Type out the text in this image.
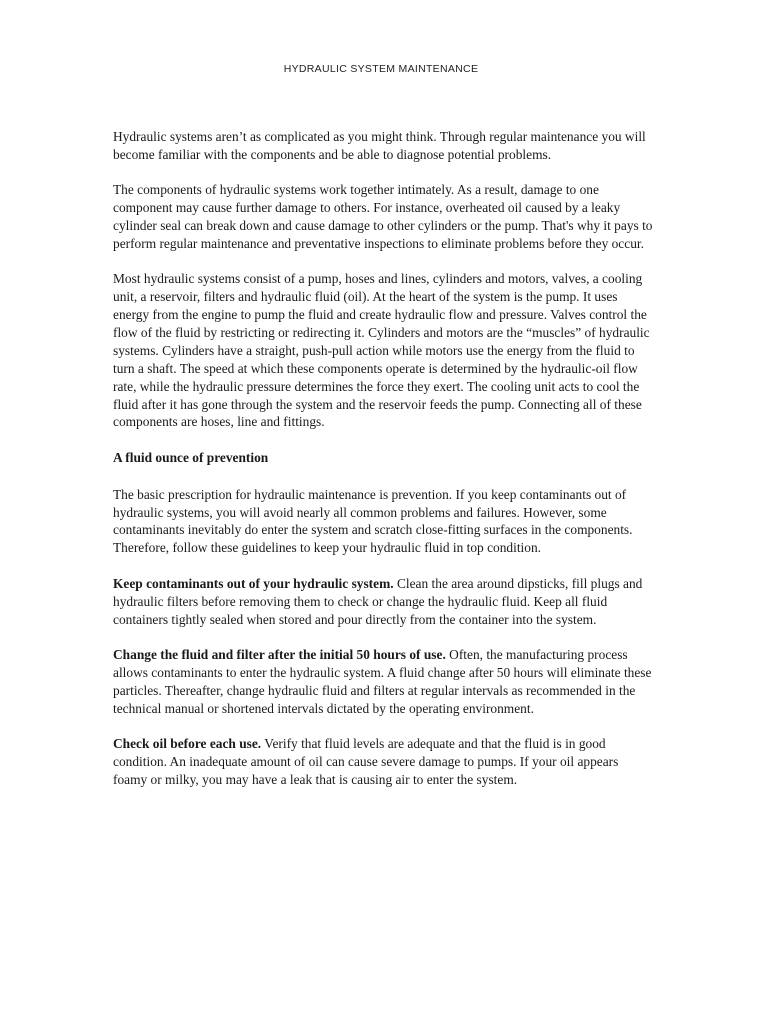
HYDRAULIC SYSTEM MAINTENANCE

Hydraulic systems aren’t as complicated as you might think. Through regular maintenance you will become familiar with the components and be able to diagnose potential problems.

The components of hydraulic systems work together intimately. As a result, damage to one component may cause further damage to others. For instance, overheated oil caused by a leaky cylinder seal can break down and cause damage to other cylinders or the pump. That's why it pays to perform regular maintenance and preventative inspections to eliminate problems before they occur.

Most hydraulic systems consist of a pump, hoses and lines, cylinders and motors, valves, a cooling unit, a reservoir, filters and hydraulic fluid (oil). At the heart of the system is the pump. It uses energy from the engine to pump the fluid and create hydraulic flow and pressure. Valves control the flow of the fluid by restricting or redirecting it. Cylinders and motors are the “muscles” of hydraulic systems. Cylinders have a straight, push-pull action while motors use the energy from the fluid to turn a shaft. The speed at which these components operate is determined by the hydraulic-oil flow rate, while the hydraulic pressure determines the force they exert. The cooling unit acts to cool the fluid after it has gone through the system and the reservoir feeds the pump. Connecting all of these components are hoses, line and fittings.

A fluid ounce of prevention

The basic prescription for hydraulic maintenance is prevention. If you keep contaminants out of hydraulic systems, you will avoid nearly all common problems and failures. However, some contaminants inevitably do enter the system and scratch close-fitting surfaces in the components. Therefore, follow these guidelines to keep your hydraulic fluid in top condition.

Keep contaminants out of your hydraulic system. Clean the area around dipsticks, fill plugs and hydraulic filters before removing them to check or change the hydraulic fluid. Keep all fluid containers tightly sealed when stored and pour directly from the container into the system.

Change the fluid and filter after the initial 50 hours of use. Often, the manufacturing process allows contaminants to enter the hydraulic system. A fluid change after 50 hours will eliminate these particles. Thereafter, change hydraulic fluid and filters at regular intervals as recommended in the technical manual or shortened intervals dictated by the operating environment.

Check oil before each use. Verify that fluid levels are adequate and that the fluid is in good condition. An inadequate amount of oil can cause severe damage to pumps. If your oil appears foamy or milky, you may have a leak that is causing air to enter the system.
